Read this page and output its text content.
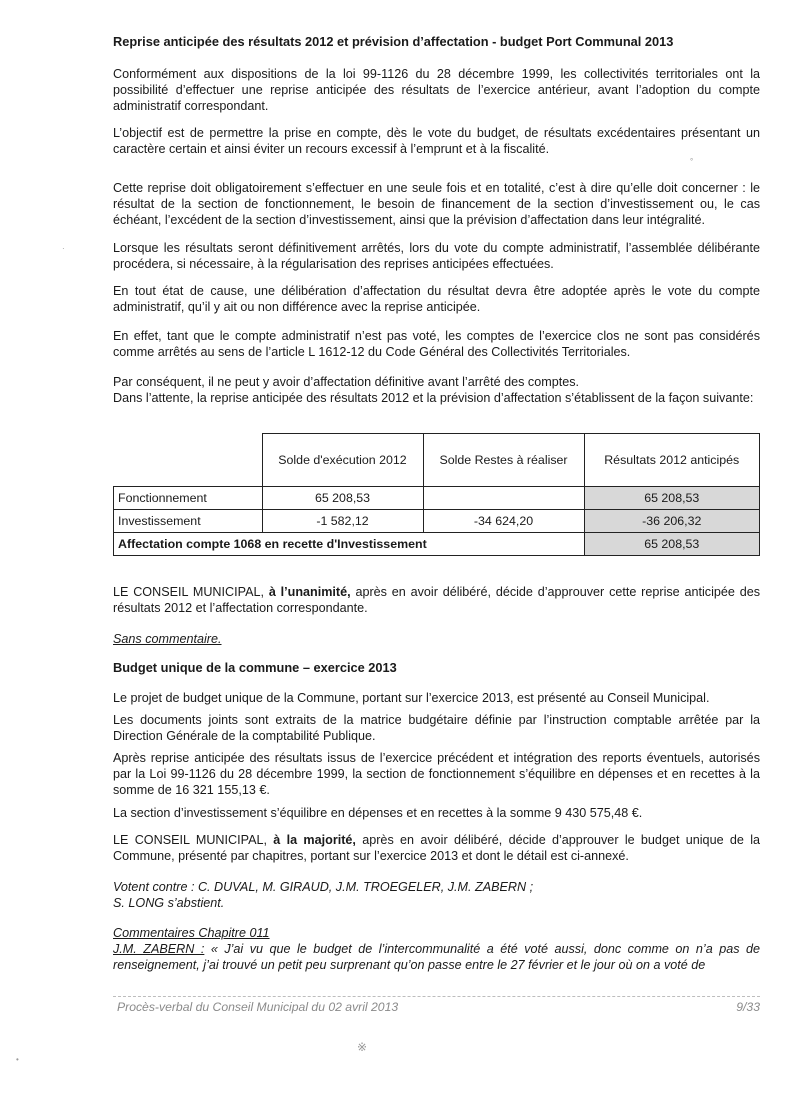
Reprise anticipée des résultats 2012 et prévision d’affectation - budget Port Communal 2013

Conformément aux dispositions de la loi 99-1126 du 28 décembre 1999, les collectivités territoriales ont la possibilité d’effectuer une reprise anticipée des résultats de l’exercice antérieur, avant l’adoption du compte administratif correspondant.

L’objectif est de permettre la prise en compte, dès le vote du budget, de résultats excédentaires présentant un caractère certain et ainsi éviter un recours excessif à l’emprunt et à la fiscalité.

Cette reprise doit obligatoirement s’effectuer en une seule fois et en totalité, c’est à dire qu’elle doit concerner : le résultat de la section de fonctionnement, le besoin de financement de la section d’investissement ou, le cas échéant, l’excédent de la section d’investissement, ainsi que la prévision d’affectation dans leur intégralité.

Lorsque les résultats seront définitivement arrêtés, lors du vote du compte administratif, l’assemblée délibérante procédera, si nécessaire, à la régularisation des reprises anticipées effectuées.

En tout état de cause, une délibération d’affectation du résultat devra être adoptée après le vote du compte administratif, qu’il y ait ou non différence avec la reprise anticipée.

En effet, tant que le compte administratif n’est pas voté, les comptes de l’exercice clos ne sont pas considérés comme arrêtés au sens de l’article L 1612-12 du Code Général des Collectivités Territoriales.

Par conséquent, il ne peut y avoir d’affectation définitive avant l’arrêté des comptes.

Dans l’attente, la reprise anticipée des résultats 2012 et la prévision d’affectation s’établissent de la façon suivante:

	Solde d'exécution 2012	Solde Restes à réaliser	Résultats 2012 anticipés
Fonctionnement	65 208,53		65 208,53
Investissement	-1 582,12	-34 624,20	-36 206,32
Affectation compte 1068 en recette d'Investissement			65 208,53

LE CONSEIL MUNICIPAL, à l’unanimité, après en avoir délibéré, décide d’approuver cette reprise anticipée des résultats 2012 et l’affectation correspondante.

Sans commentaire.

Budget unique de la commune – exercice 2013

Le projet de budget unique de la Commune, portant sur l’exercice 2013, est présenté au Conseil Municipal.

Les documents joints sont extraits de la matrice budgétaire définie par l’instruction comptable arrêtée par la Direction Générale de la comptabilité Publique.

Après reprise anticipée des résultats issus de l’exercice précédent et intégration des reports éventuels, autorisés par la Loi 99-1126 du 28 décembre 1999, la section de fonctionnement s’équilibre en dépenses et en recettes à la somme de 16 321 155,13 €.

La section d’investissement s’équilibre en dépenses et en recettes à la somme 9 430 575,48 €.

LE CONSEIL MUNICIPAL, à la majorité, après en avoir délibéré, décide d’approuver le budget unique de la Commune, présenté par chapitres, portant sur l’exercice 2013 et dont le détail est ci-annexé.

Votent contre : C. DUVAL, M. GIRAUD, J.M. TROEGELER, J.M. ZABERN ;

S. LONG s’abstient.

Commentaires Chapitre 011

J.M. ZABERN : « J’ai vu que le budget de l’intercommunalité a été voté aussi, donc comme on n’a pas de renseignement, j’ai trouvé un petit peu surprenant qu’on passe entre le 27 février et le jour où on a voté de

Procès-verbal du Conseil Municipal du 02 avril 2013	9/33
°
·
※
•
